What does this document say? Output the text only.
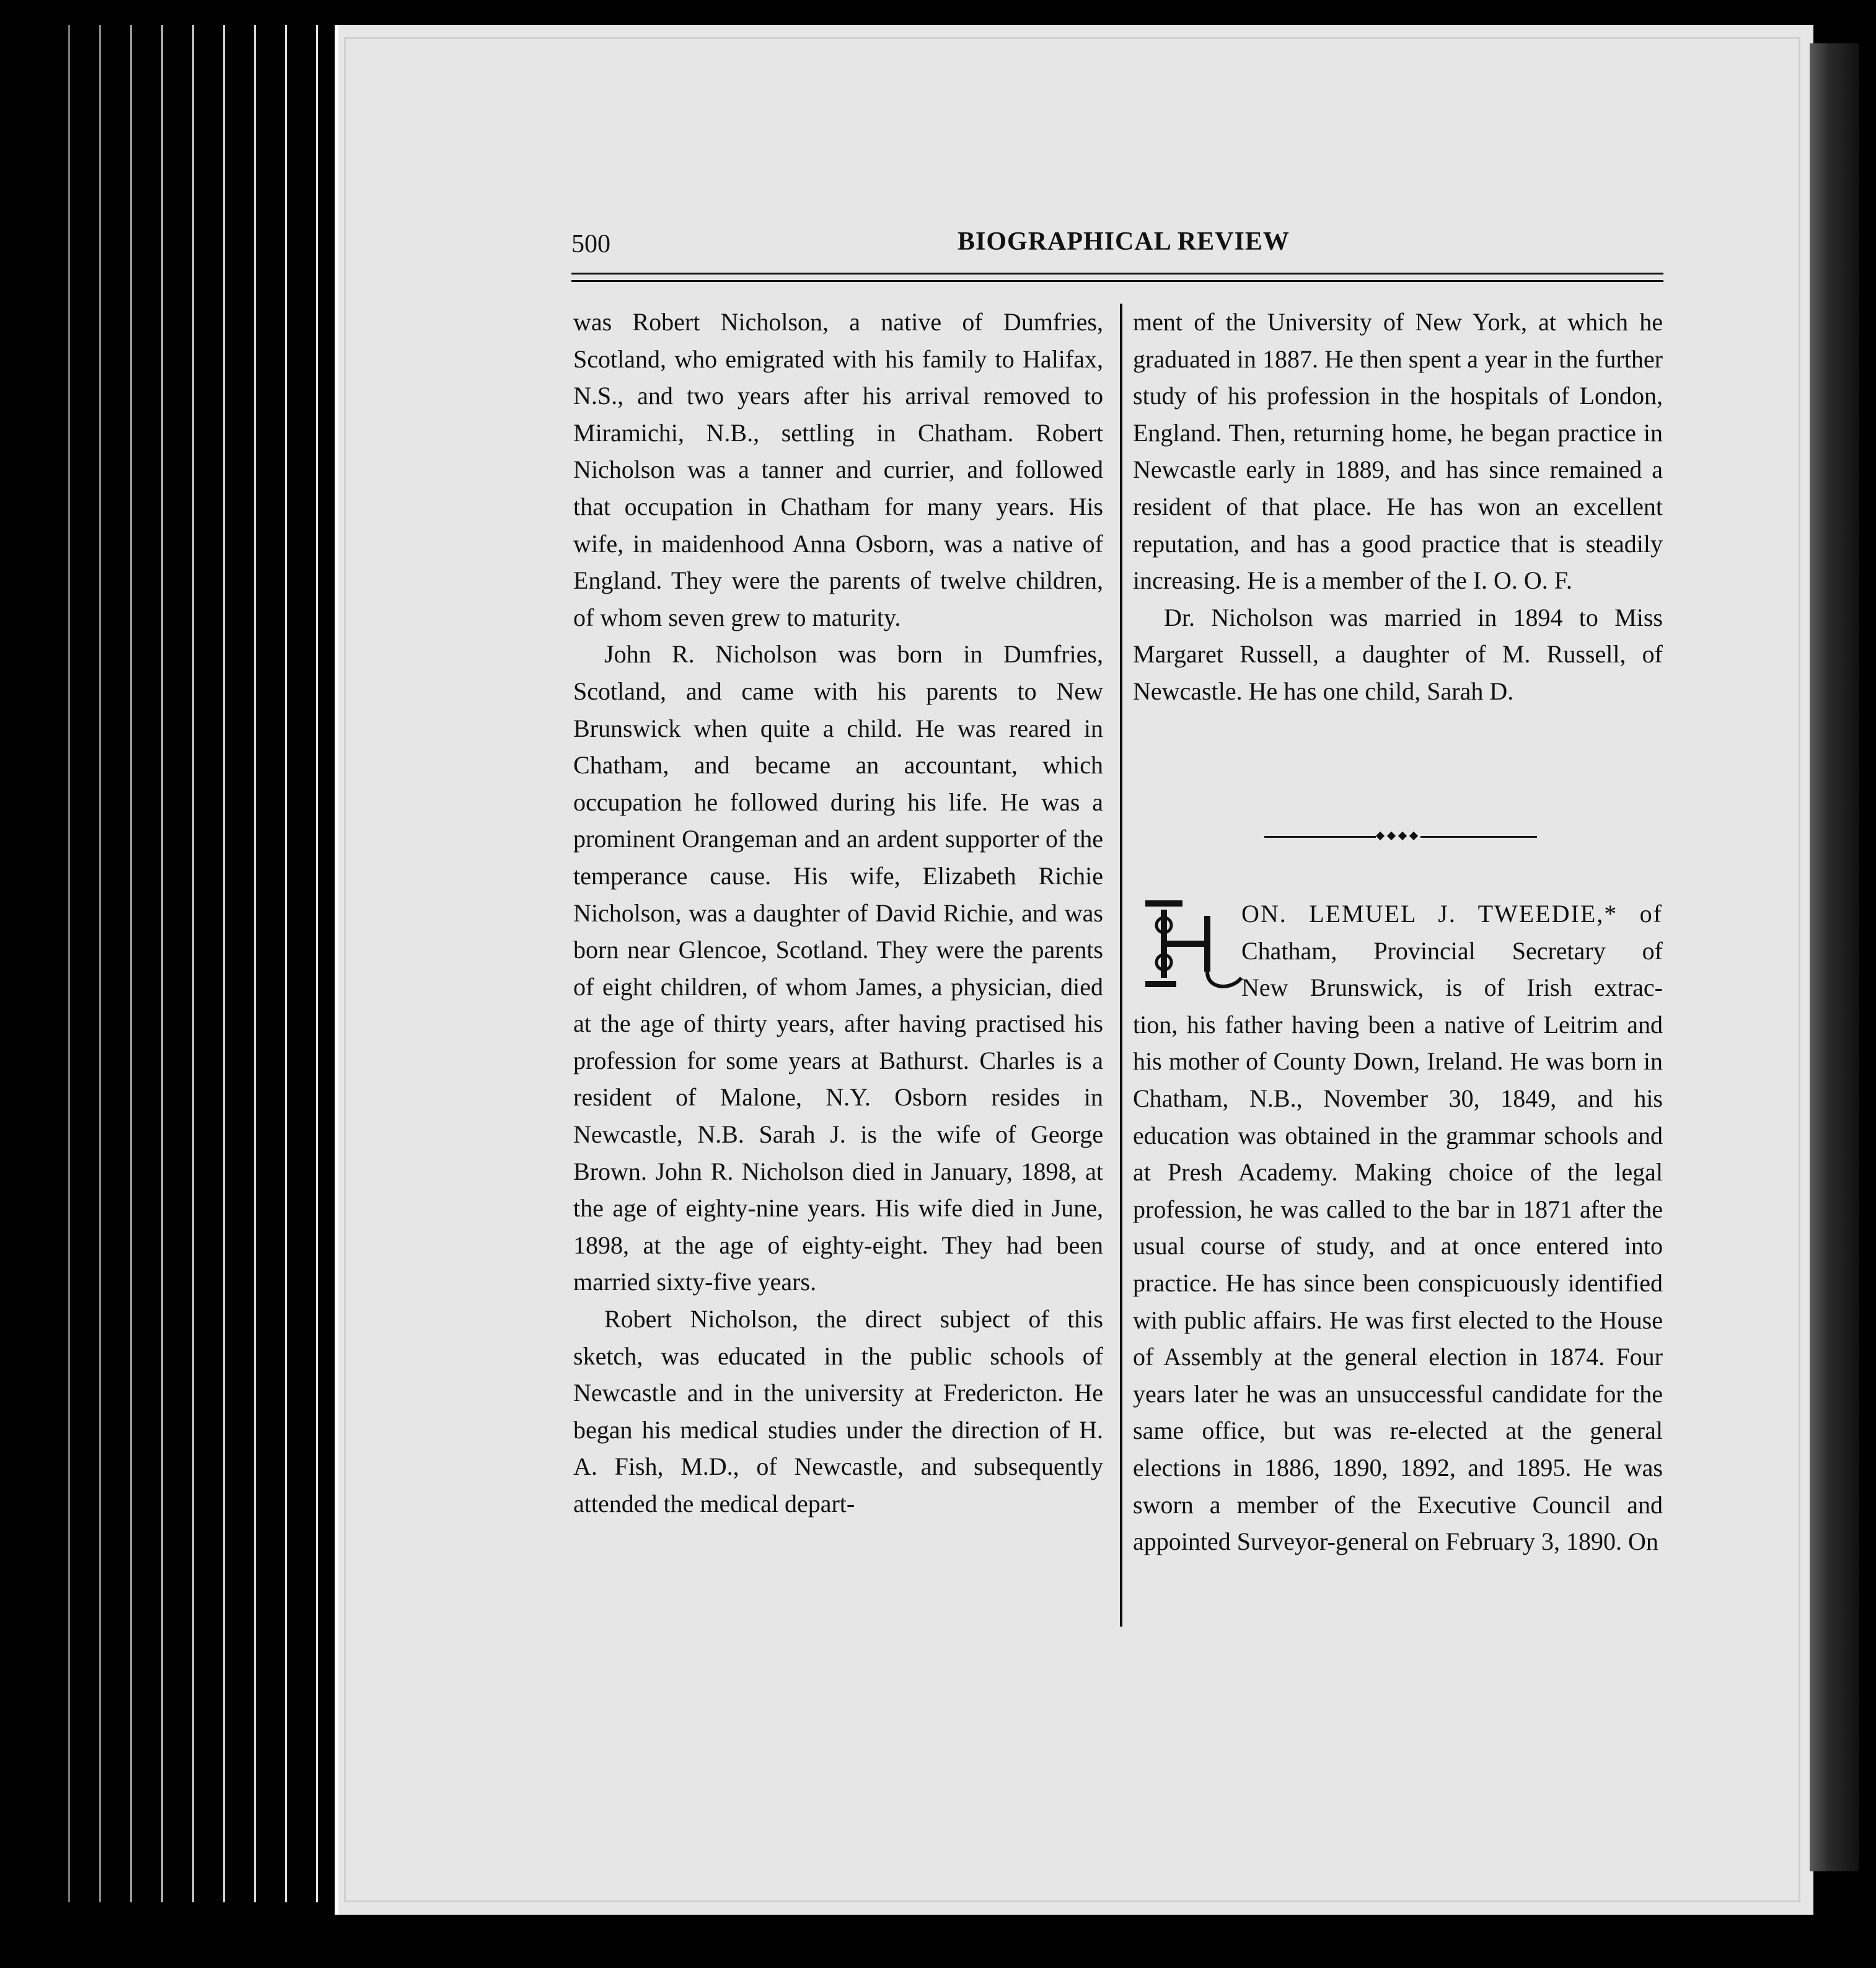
500	BIOGRAPHICAL REVIEW

was Robert Nicholson, a native of Dumfries, Scotland, who emigrated with his family to Halifax, N.S., and two years after his arrival removed to Miramichi, N.B., settling in Chatham. Robert Nicholson was a tanner and currier, and followed that occupation in Chatham for many years. His wife, in maidenhood Anna Osborn, was a native of England. They were the parents of twelve children, of whom seven grew to maturity.

John R. Nicholson was born in Dumfries, Scotland, and came with his parents to New Brunswick when quite a child. He was reared in Chatham, and became an accountant, which occupation he followed during his life. He was a prominent Orangeman and an ardent supporter of the temperance cause. His wife, Elizabeth Richie Nicholson, was a daughter of David Richie, and was born near Glencoe, Scotland. They were the parents of eight children, of whom James, a physician, died at the age of thirty years, after having practised his profession for some years at Bathurst. Charles is a resident of Malone, N.Y. Osborn resides in Newcastle, N.B. Sarah J. is the wife of George Brown. John R. Nicholson died in January, 1898, at the age of eighty-nine years. His wife died in June, 1898, at the age of eighty-eight. They had been married sixty-five years.

Robert Nicholson, the direct subject of this sketch, was educated in the public schools of Newcastle and in the university at Fredericton. He began his medical studies under the direction of H. A. Fish, M.D., of Newcastle, and subsequently attended the medical depart-

ment of the University of New York, at which he graduated in 1887. He then spent a year in the further study of his profession in the hospitals of London, England. Then, returning home, he began practice in Newcastle early in 1889, and has since remained a resident of that place. He has won an excellent reputation, and has a good practice that is steadily increasing. He is a member of the I. O. O. F.

Dr. Nicholson was married in 1894 to Miss Margaret Russell, a daughter of M. Russell, of Newcastle. He has one child, Sarah D.

ON. LEMUEL J. TWEEDIE,* of
Chatham, Provincial Secretary of
New Brunswick, is of Irish extrac-
tion, his father having been a native of Leitrim and his mother of County Down, Ireland. He was born in Chatham, N.B., November 30, 1849, and his education was obtained in the grammar schools and at Presh Academy. Making choice of the legal profession, he was called to the bar in 1871 after the usual course of study, and at once entered into practice. He has since been conspicuously identified with public affairs. He was first elected to the House of Assembly at the general election in 1874. Four years later he was an unsuccessful candidate for the same office, but was re-elected at the general elections in 1886, 1890, 1892, and 1895. He was sworn a member of the Executive Council and appointed Surveyor-general on February 3, 1890. On
